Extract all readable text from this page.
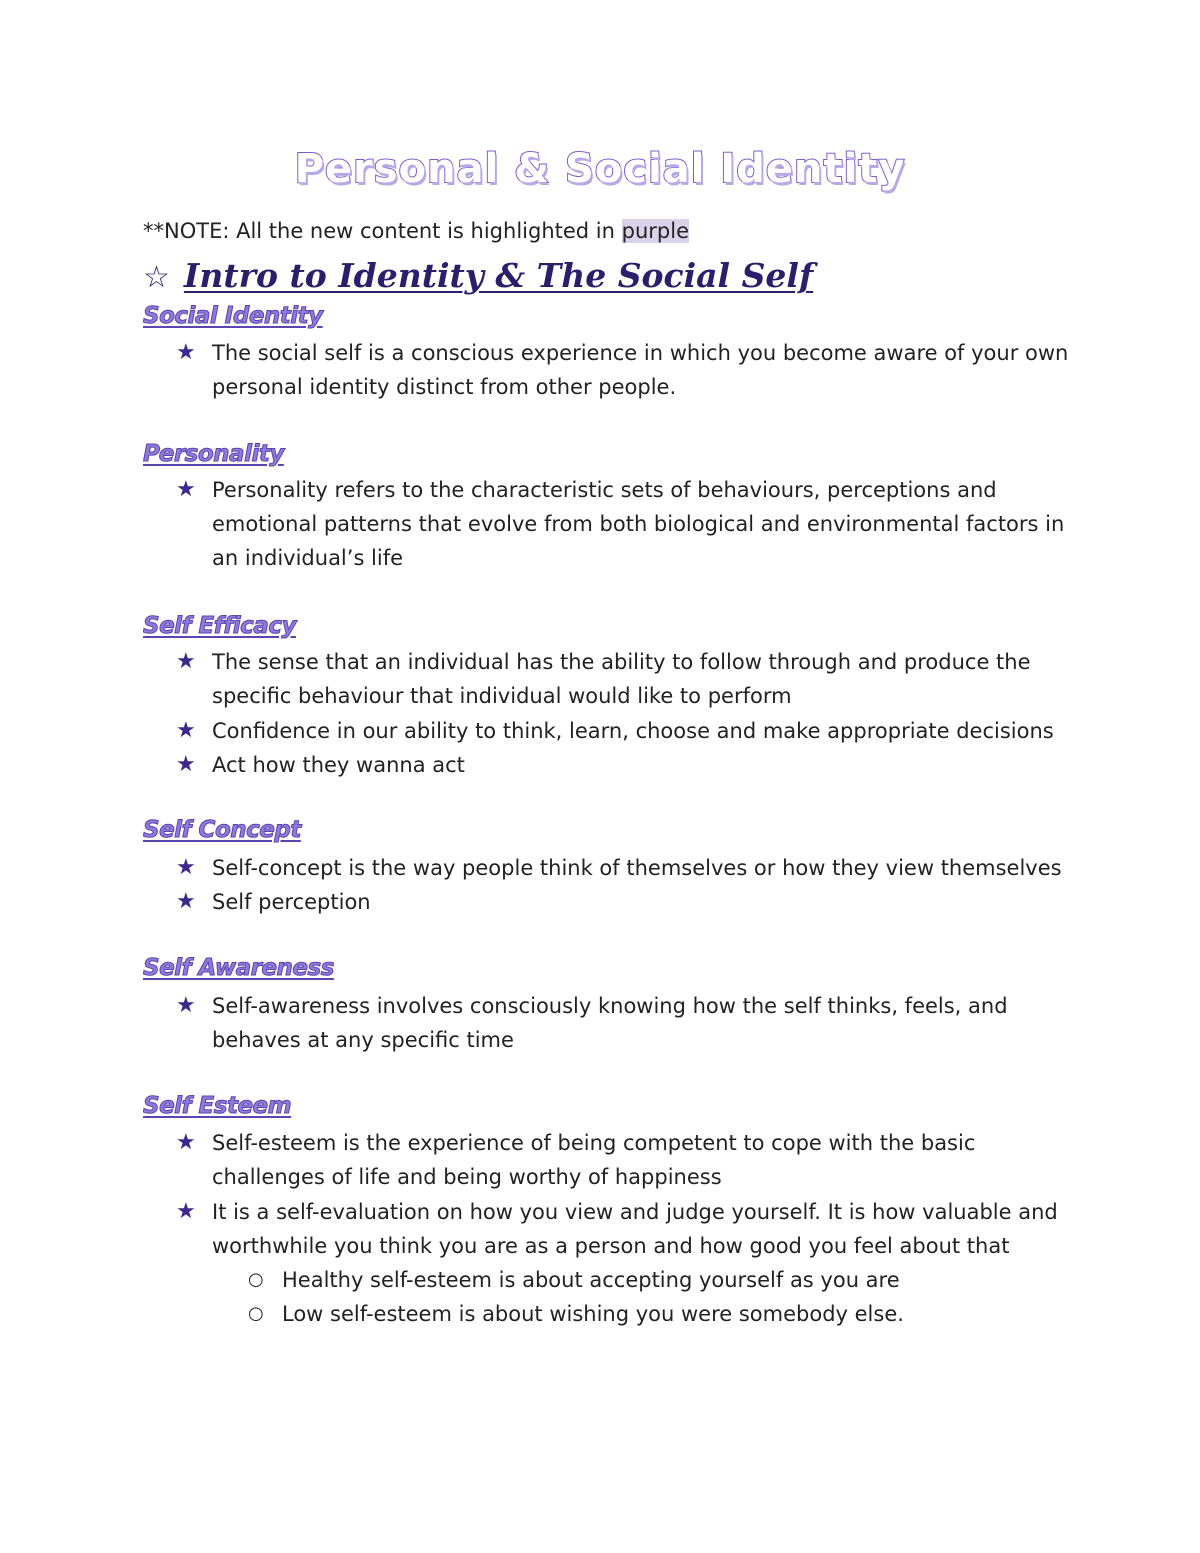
Personal & Social Identity
**NOTE: All the new content is highlighted in purple
☆ Intro to Identity & The Social Self
Social Identity
★ The social self is a conscious experience in which you become aware of your own personal identity distinct from other people.
Personality
★ Personality refers to the characteristic sets of behaviours, perceptions and emotional patterns that evolve from both biological and environmental factors in an individual’s life
Self Efficacy
★ The sense that an individual has the ability to follow through and produce the specific behaviour that individual would like to perform
★ Confidence in our ability to think, learn, choose and make appropriate decisions
★ Act how they wanna act
Self Concept
★ Self-concept is the way people think of themselves or how they view themselves
★ Self perception
Self Awareness
★ Self-awareness involves consciously knowing how the self thinks, feels, and behaves at any specific time
Self Esteem
★ Self-esteem is the experience of being competent to cope with the basic challenges of life and being worthy of happiness
★ It is a self-evaluation on how you view and judge yourself. It is how valuable and worthwhile you think you are as a person and how good you feel about that
○ Healthy self-esteem is about accepting yourself as you are
○ Low self-esteem is about wishing you were somebody else.
